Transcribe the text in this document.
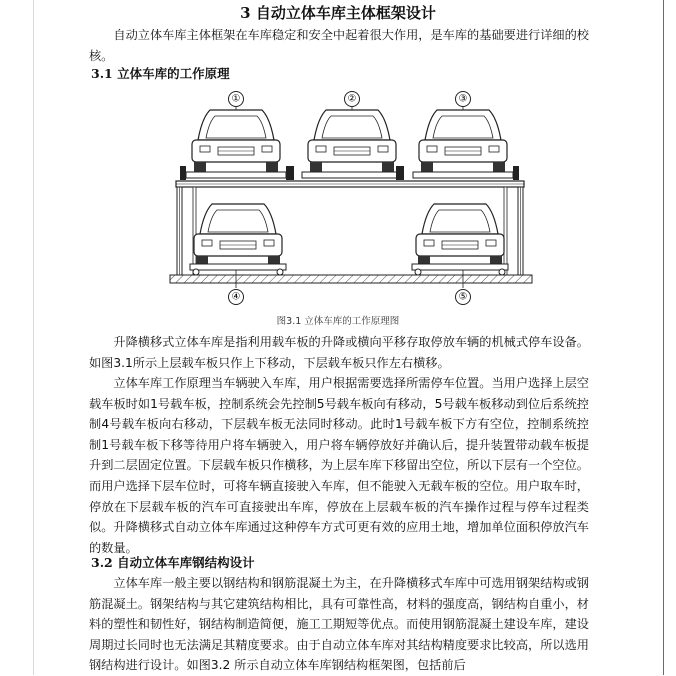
3 自动立体车库主体框架设计

自动立体车库主体框架在车库稳定和安全中起着很大作用，是车库的基础要进行详细的校核。

3.1 立体车库的工作原理
①	②	③
④	⑤
图3.1 立体车库的工作原理图

升降横移式立体车库是指利用载车板的升降或横向平移存取停放车辆的机械式停车设备。如图3.1所示上层载车板只作上下移动，下层载车板只作左右横移。

立体车库工作原理当车辆驶入车库，用户根据需要选择所需停车位置。当用户选择上层空载车板时如1号载车板，控制系统会先控制5号载车板向有移动，5号载车板移动到位后系统控制4号载车板向右移动，下层载车板无法同时移动。此时1号载车板下方有空位，控制系统控制1号载车板下移等待用户将车辆驶入，用户将车辆停放好并确认后，提升装置带动载车板提升到二层固定位置。下层载车板只作横移，为上层车库下移留出空位，所以下层有一个空位。而用户选择下层车位时，可将车辆直接驶入车库，但不能驶入无载车板的空位。用户取车时，停放在下层载车板的汽车可直接驶出车库，停放在上层载车板的汽车操作过程与停车过程类似。升降横移式自动立体车库通过这种停车方式可更有效的应用土地，增加单位面积停放汽车的数量。

3.2 自动立体车库钢结构设计

立体车库一般主要以钢结构和钢筋混凝土为主，在升降横移式车库中可选用钢架结构或钢筋混凝土。钢架结构与其它建筑结构相比，具有可靠性高，材料的强度高，钢结构自重小，材料的塑性和韧性好，钢结构制造简便，施工工期短等优点。而使用钢筋混凝土建设车库，建设周期过长同时也无法满足其精度要求。由于自动立体车库对其结构精度要求比较高，所以选用钢结构进行设计。如图3.2 所示自动立体车库钢结构框架图，包括前后
